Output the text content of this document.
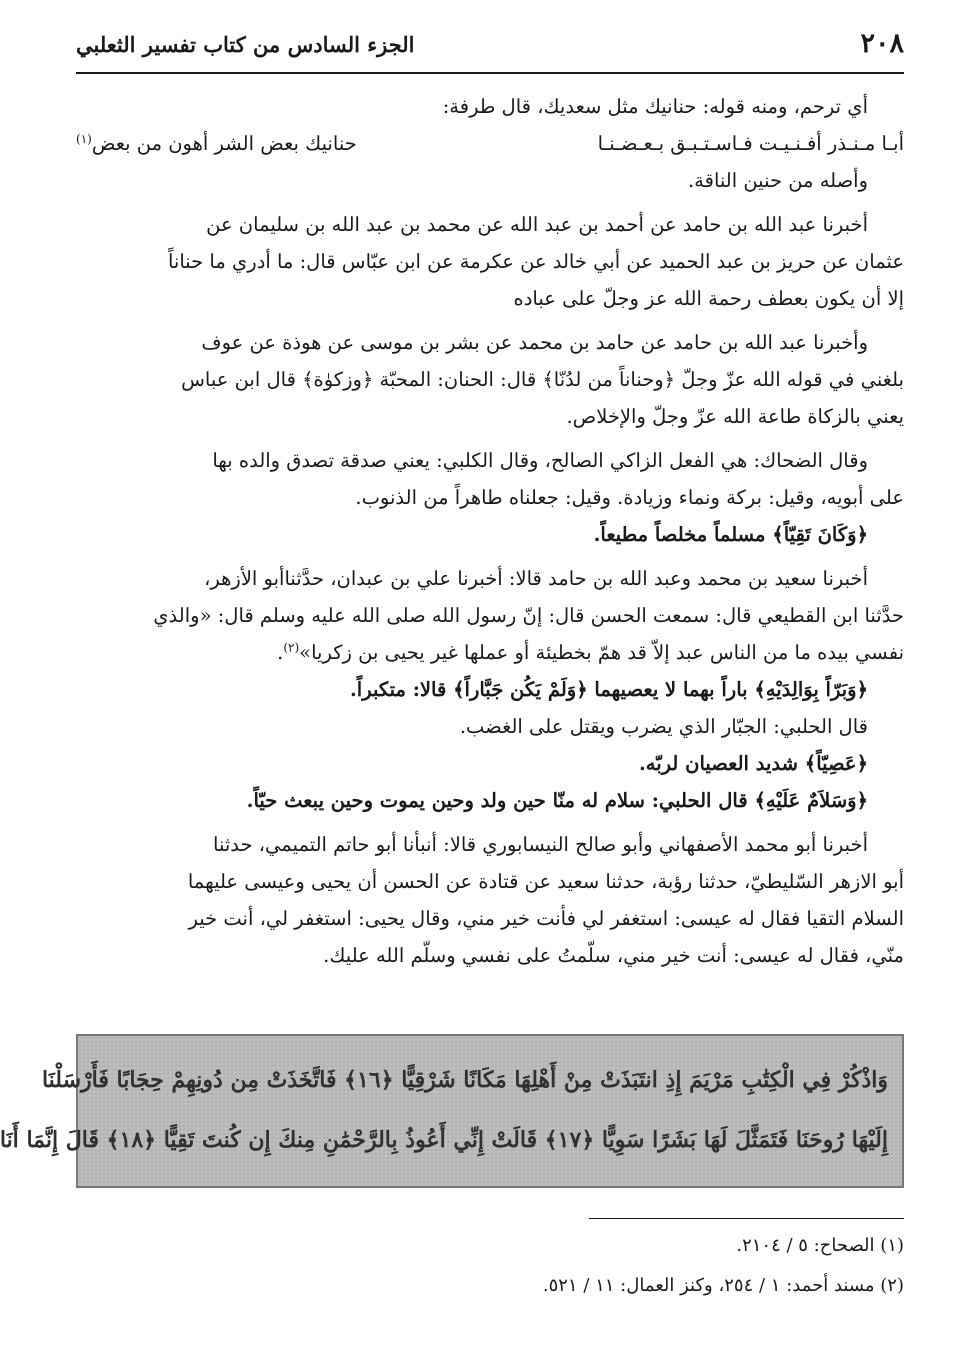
٢٠٨
الجزء السادس من كتاب تفسير الثعلبي
أي ترحم، ومنه قوله: حنانيك مثل سعديك، قال طرفة:
أبـا مـنـذر أفـنـيـت فـاسـتـبـق بـعـضـنـا
حنانيك بعض الشر أهون من بعض(١)
وأصله من حنين الناقة.
أخبرنا عبد الله بن حامد عن أحمد بن عبد الله عن محمد بن عبد الله بن سليمان عن
عثمان عن حريز بن عبد الحميد عن أبي خالد عن عكرمة عن ابن عبّاس قال: ما أدري ما حناناً
إلا أن يكون بعطف رحمة الله عز وجلّ على عباده
وأخبرنا عبد الله بن حامد عن حامد بن محمد عن بشر بن موسى عن هوذة عن عوف
بلغني في قوله الله عزّ وجلّ ﴿وحناناً من لدُنّا﴾ قال: الحنان: المحبّة ﴿وزكوٰة﴾ قال ابن عباس
يعني بالزكاة طاعة الله عزّ وجلّ والإخلاص.
وقال الضحاك: هي الفعل الزاكي الصالح، وقال الكلبي: يعني صدقة تصدق والده بها
على أبويه، وقيل: بركة ونماء وزيادة. وقيل: جعلناه طاهراً من الذنوب.
﴿وَكَانَ تَقِيّاً﴾ مسلماً مخلصاً مطيعاً.
أخبرنا سعيد بن محمد وعبد الله بن حامد قالا: أخبرنا علي بن عبدان، حدَّثناأبو الأزهر،
حدَّثنا ابن القطيعي قال: سمعت الحسن قال: إنّ رسول الله صلى الله عليه وسلم قال: «والذي
نفسي بيده ما من الناس عبد إلاّ قد همّ بخطيئة أو عملها غير يحيى بن زكريا»$^{(٢)}$.
﴿وَبَرّاً بِوَالِدَيْهِ﴾ باراً بهما لا يعصيهما ﴿وَلَمْ يَكُن جَبَّاراً﴾ قالا: متكبراً.
قال الحلبي: الجبّار الذي يضرب ويقتل على الغضب.
﴿عَصِيّاً﴾ شديد العصيان لربّه.
﴿وَسَلاَمٌ عَلَيْهِ﴾ قال الحلبي: سلام له منّا حين ولد وحين يموت وحين يبعث حيّاً.
أخبرنا أبو محمد الأصفهاني وأبو صالح النيسابوري قالا: أنبأنا أبو حاتم التميمي، حدثنا
أبو الازهر السّليطيّ، حدثنا رؤبة، حدثنا سعيد عن قتادة عن الحسن أن يحيى وعيسى عليهما
السلام التقيا فقال له عيسى: استغفر لي فأنت خير مني، وقال يحيى: استغفر لي، أنت خير
منّي، فقال له عيسى: أنت خير مني، سلّمتُ على نفسي وسلّم الله عليك.
وَاذْكُرْ فِي الْكِتَٰبِ مَرْيَمَ إِذِ انتَبَذَتْ مِنْ أَهْلِهَا مَكَانًا شَرْقِيًّا ﴿١٦﴾ فَاتَّخَذَتْ مِن دُونِهِمْ حِجَابًا فَأَرْسَلْنَا
إِلَيْهَا رُوحَنَا فَتَمَثَّلَ لَهَا بَشَرًا سَوِيًّا ﴿١٧﴾ قَالَتْ إِنِّي أَعُوذُ بِالرَّحْمَٰنِ مِنكَ إِن كُنتَ تَقِيًّا ﴿١٨﴾ قَالَ إِنَّمَا أَنَا
(١) الصحاح: ٥ / ٢١٠٤.
(٢) مسند أحمد: ١ / ٢٥٤، وكنز العمال: ١١ / ٥٢١.
